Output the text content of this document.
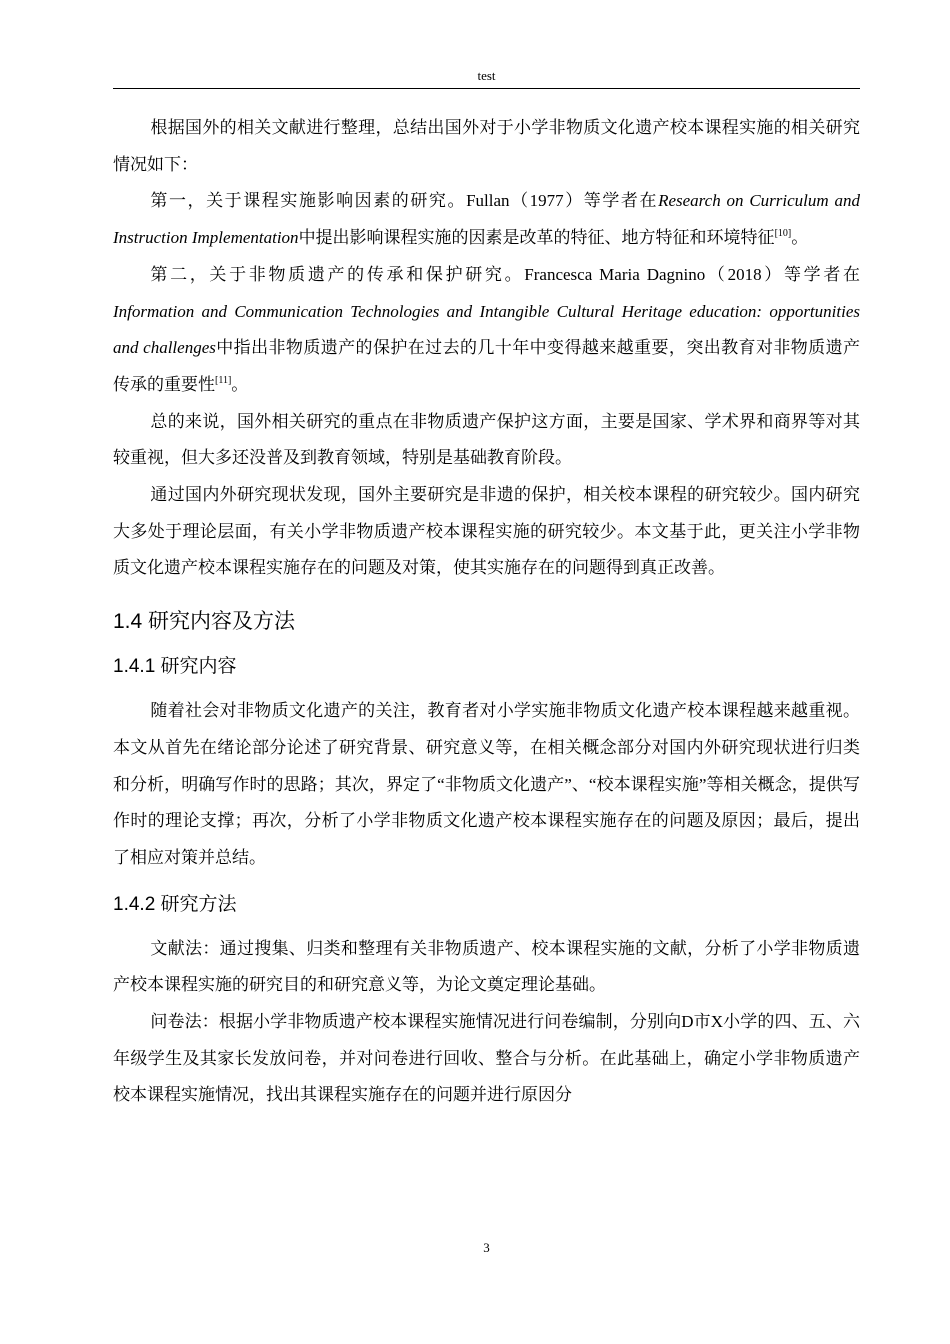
test

根据国外的相关文献进行整理，总结出国外对于小学非物质文化遗产校本课程实施的相关研究情况如下：

第一，关于课程实施影响因素的研究。Fullan（1977）等学者在Research on Curriculum and Instruction Implementation中提出影响课程实施的因素是改革的特征、地方特征和环境特征[10]。

第二，关于非物质遗产的传承和保护研究。Francesca Maria Dagnino（2018）等学者在Information and Communication Technologies and Intangible Cultural Heritage education: opportunities and challenges中指出非物质遗产的保护在过去的几十年中变得越来越重要，突出教育对非物质遗产传承的重要性[11]。

总的来说，国外相关研究的重点在非物质遗产保护这方面，主要是国家、学术界和商界等对其较重视，但大多还没普及到教育领域，特别是基础教育阶段。

通过国内外研究现状发现，国外主要研究是非遗的保护，相关校本课程的研究较少。国内研究大多处于理论层面，有关小学非物质遗产校本课程实施的研究较少。本文基于此，更关注小学非物质文化遗产校本课程实施存在的问题及对策，使其实施存在的问题得到真正改善。

1.4 研究内容及方法
1.4.1 研究内容

随着社会对非物质文化遗产的关注，教育者对小学实施非物质文化遗产校本课程越来越重视。本文从首先在绪论部分论述了研究背景、研究意义等，在相关概念部分对国内外研究现状进行归类和分析，明确写作时的思路；其次，界定了“非物质文化遗产”、“校本课程实施”等相关概念，提供写作时的理论支撑；再次，分析了小学非物质文化遗产校本课程实施存在的问题及原因；最后，提出了相应对策并总结。

1.4.2 研究方法

文献法：通过搜集、归类和整理有关非物质遗产、校本课程实施的文献，分析了小学非物质遗产校本课程实施的研究目的和研究意义等，为论文奠定理论基础。

问卷法：根据小学非物质遗产校本课程实施情况进行问卷编制，分别向D市X小学的四、五、六年级学生及其家长发放问卷，并对问卷进行回收、整合与分析。在此基础上，确定小学非物质遗产校本课程实施情况，找出其课程实施存在的问题并进行原因分

3
